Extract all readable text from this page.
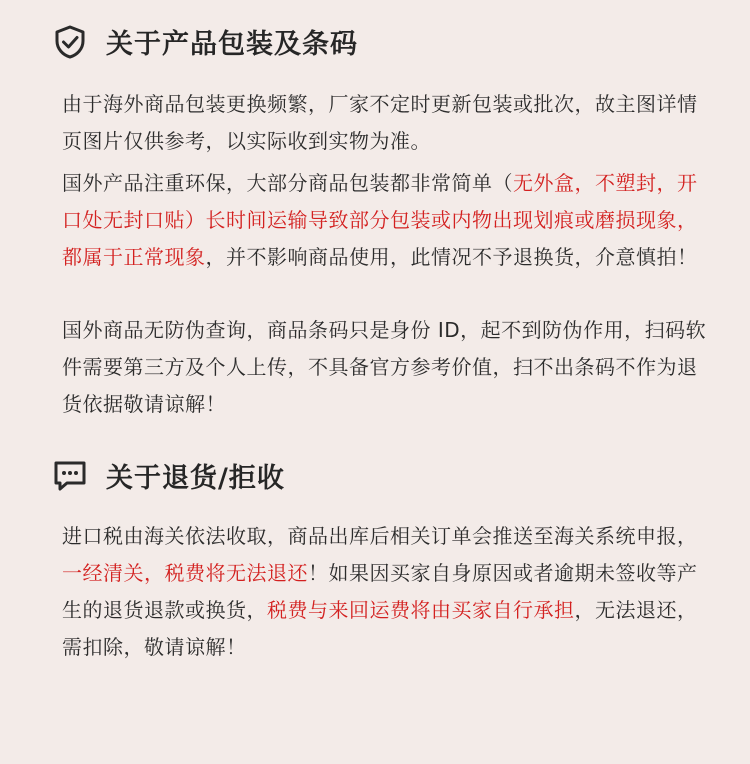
关于产品包装及条码

由于海外商品包装更换频繁，厂家不定时更新包装或批次，故主图详情页图片仅供参考，以实际收到实物为准。

国外产品注重环保，大部分商品包装都非常简单（无外盒，不塑封，开口处无封口贴）长时间运输导致部分包装或内物出现划痕或磨损现象，都属于正常现象，并不影响商品使用，此情况不予退换货，介意慎拍！

国外商品无防伪查询，商品条码只是身份 ID，起不到防伪作用，扫码软件需要第三方及个人上传，不具备官方参考价值，扫不出条码不作为退货依据敬请谅解！

关于退货/拒收

进口税由海关依法收取，商品出库后相关订单会推送至海关系统申报，一经清关，税费将无法退还！如果因买家自身原因或者逾期未签收等产生的退货退款或换货，税费与来回运费将由买家自行承担，无法退还，需扣除，敬请谅解！
